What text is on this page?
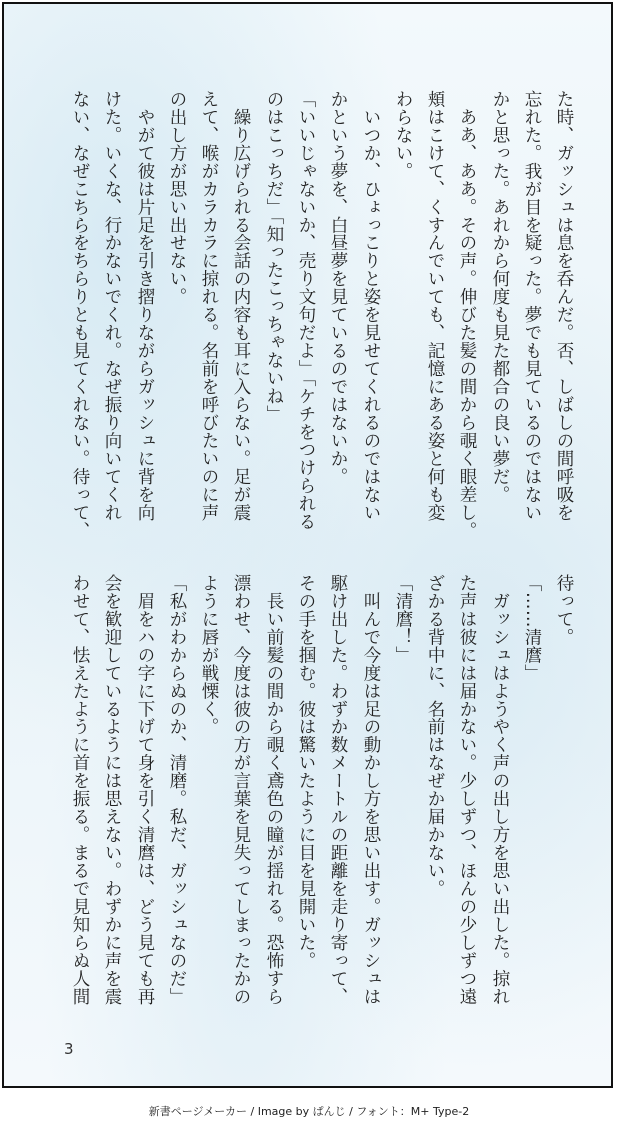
た時、ガッシュは息を呑んだ。否、しばしの間呼吸を
忘れた。我が目を疑った。夢でも見ているのではない
かと思った。あれから何度も見た都合の良い夢だ。
　ああ、ああ。その声。伸びた髪の間から覗く眼差し。
頬はこけて、くすんでいても、記憶にある姿と何も変
わらない。
　いつか、ひょっこりと姿を見せてくれるのではない
かという夢を、白昼夢を見ているのではないか。
「いいじゃないか、売り文句だよ」「ケチをつけられる
のはこっちだ」「知ったこっちゃないね」
　繰り広げられる会話の内容も耳に入らない。足が震
えて、喉がカラカラに掠れる。名前を呼びたいのに声
の出し方が思い出せない。
　やがて彼は片足を引き摺りながらガッシュに背を向
けた。いくな、行かないでくれ。なぜ振り向いてくれ
ない、なぜこちらをちらりとも見てくれない。待って、
待って。
「……清麿」
　ガッシュはようやく声の出し方を思い出した。掠れ
た声は彼には届かない。少しずつ、ほんの少しずつ遠
ざかる背中に、名前はなぜか届かない。
「清麿！」
　叫んで今度は足の動かし方を思い出す。ガッシュは
駆け出した。わずか数メートルの距離を走り寄って、
その手を掴む。彼は驚いたように目を見開いた。
　長い前髪の間から覗く鳶色の瞳が揺れる。恐怖すら
漂わせ、今度は彼の方が言葉を見失ってしまったかの
ように唇が戦慄く。
「私がわからぬのか、清磨。私だ、ガッシュなのだ」
　眉をハの字に下げて身を引く清麿は、どう見ても再
会を歓迎しているようには思えない。わずかに声を震
わせて、怯えたように首を振る。まるで見知らぬ人間
3
新書ページメーカー / Image by ぱんじ / フォント：M+ Type-2
